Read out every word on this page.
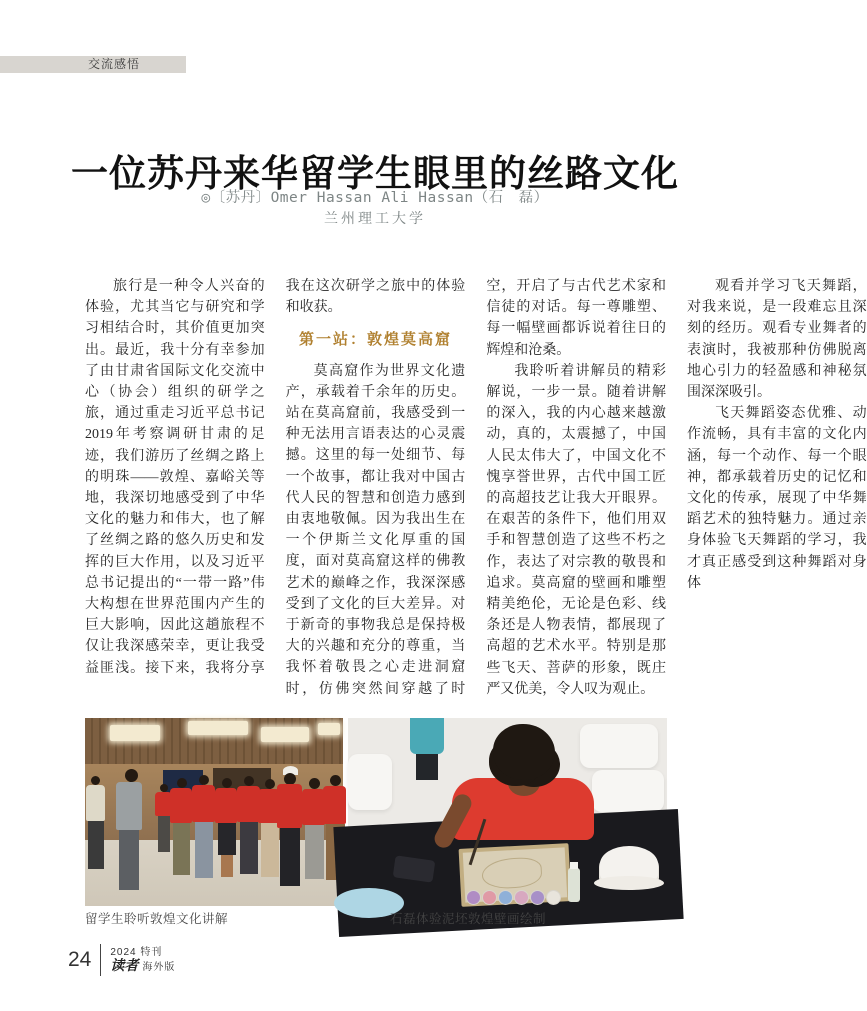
交流感悟
一位苏丹来华留学生眼里的丝路文化
◎〔苏丹〕Omer Hassan Ali Hassan（石　磊）
兰州理工大学

旅行是一种令人兴奋的体验，尤其当它与研究和学习相结合时，其价值更加突出。最近，我十分有幸参加了由甘肃省国际文化交流中心（协会）组织的研学之旅，通过重走习近平总书记2019年考察调研甘肃的足迹，我们游历了丝绸之路上的明珠——敦煌、嘉峪关等地，我深切地感受到了中华文化的魅力和伟大，也了解了丝绸之路的悠久历史和发挥的巨大作用，以及习近平总书记提出的“一带一路”伟大构想在世界范围内产生的巨大影响，因此这趟旅程不仅让我深感荣幸，更让我受益匪浅。接下来，我将分享我在这次研学之旅中的体验和收获。

第一站：敦煌莫高窟

莫高窟作为世界文化遗产，承载着千余年的历史。站在莫高窟前，我感受到一种无法用言语表达的心灵震撼。这里的每一处细节、每一个故事，都让我对中国古代人民的智慧和创造力感到由衷地敬佩。因为我出生在一个伊斯兰文化厚重的国度，面对莫高窟这样的佛教艺术的巅峰之作，我深深感受到了文化的巨大差异。对于新奇的事物我总是保持极大的兴趣和充分的尊重，当我怀着敬畏之心走进洞窟时，仿佛突然间穿越了时空，开启了与古代艺术家和信徒的对话。每一尊雕塑、每一幅壁画都诉说着往日的辉煌和沧桑。

我聆听着讲解员的精彩解说，一步一景。随着讲解的深入，我的内心越来越激动，真的，太震撼了，中国人民太伟大了，中国文化不愧享誉世界，古代中国工匠的高超技艺让我大开眼界。在艰苦的条件下，他们用双手和智慧创造了这些不朽之作，表达了对宗教的敬畏和追求。莫高窟的壁画和雕塑精美绝伦，无论是色彩、线条还是人物表情，都展现了高超的艺术水平。特别是那些飞天、菩萨的形象，既庄严又优美，令人叹为观止。

观看并学习飞天舞蹈，对我来说，是一段难忘且深刻的经历。观看专业舞者的表演时，我被那种仿佛脱离地心引力的轻盈感和神秘氛围深深吸引。

飞天舞蹈姿态优雅、动作流畅，具有丰富的文化内涵，每一个动作、每一个眼神，都承载着历史的记忆和文化的传承，展现了中华舞蹈艺术的独特魅力。通过亲身体验飞天舞蹈的学习，我才真正感受到这种舞蹈对身体

留学生聆听敦煌文化讲解	石磊体验泥坯敦煌壁画绘制
24 2024 特刊
读者 海外版
